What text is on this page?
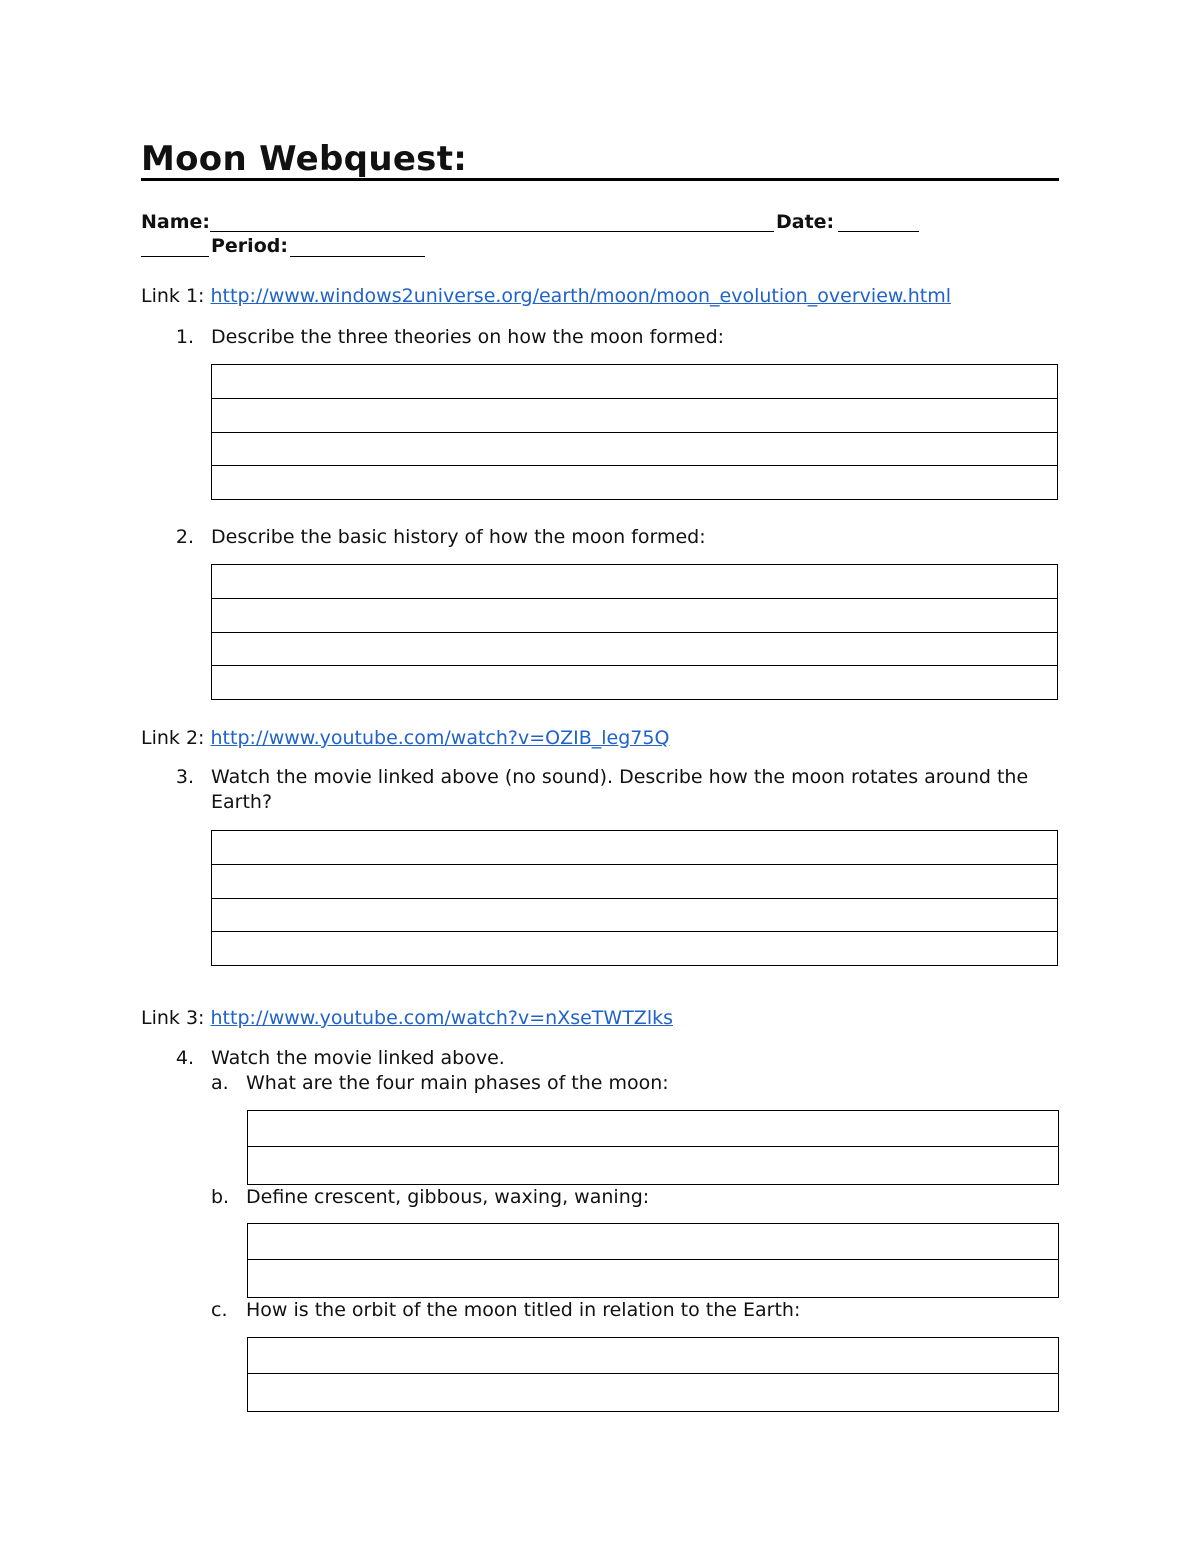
Moon Webquest:
Name:	Date:
Period:
Link 1: http://www.windows2universe.org/earth/moon/moon_evolution_overview.html
1. Describe the three theories on how the moon formed:
2. Describe the basic history of how the moon formed:
Link 2: http://www.youtube.com/watch?v=OZIB_leg75Q
3. Watch the movie linked above (no sound). Describe how the moon rotates around the
Earth?
Link 3: http://www.youtube.com/watch?v=nXseTWTZlks
4. Watch the movie linked above.
a. What are the four main phases of the moon:
b. Define crescent, gibbous, waxing, waning:
c. How is the orbit of the moon titled in relation to the Earth:
